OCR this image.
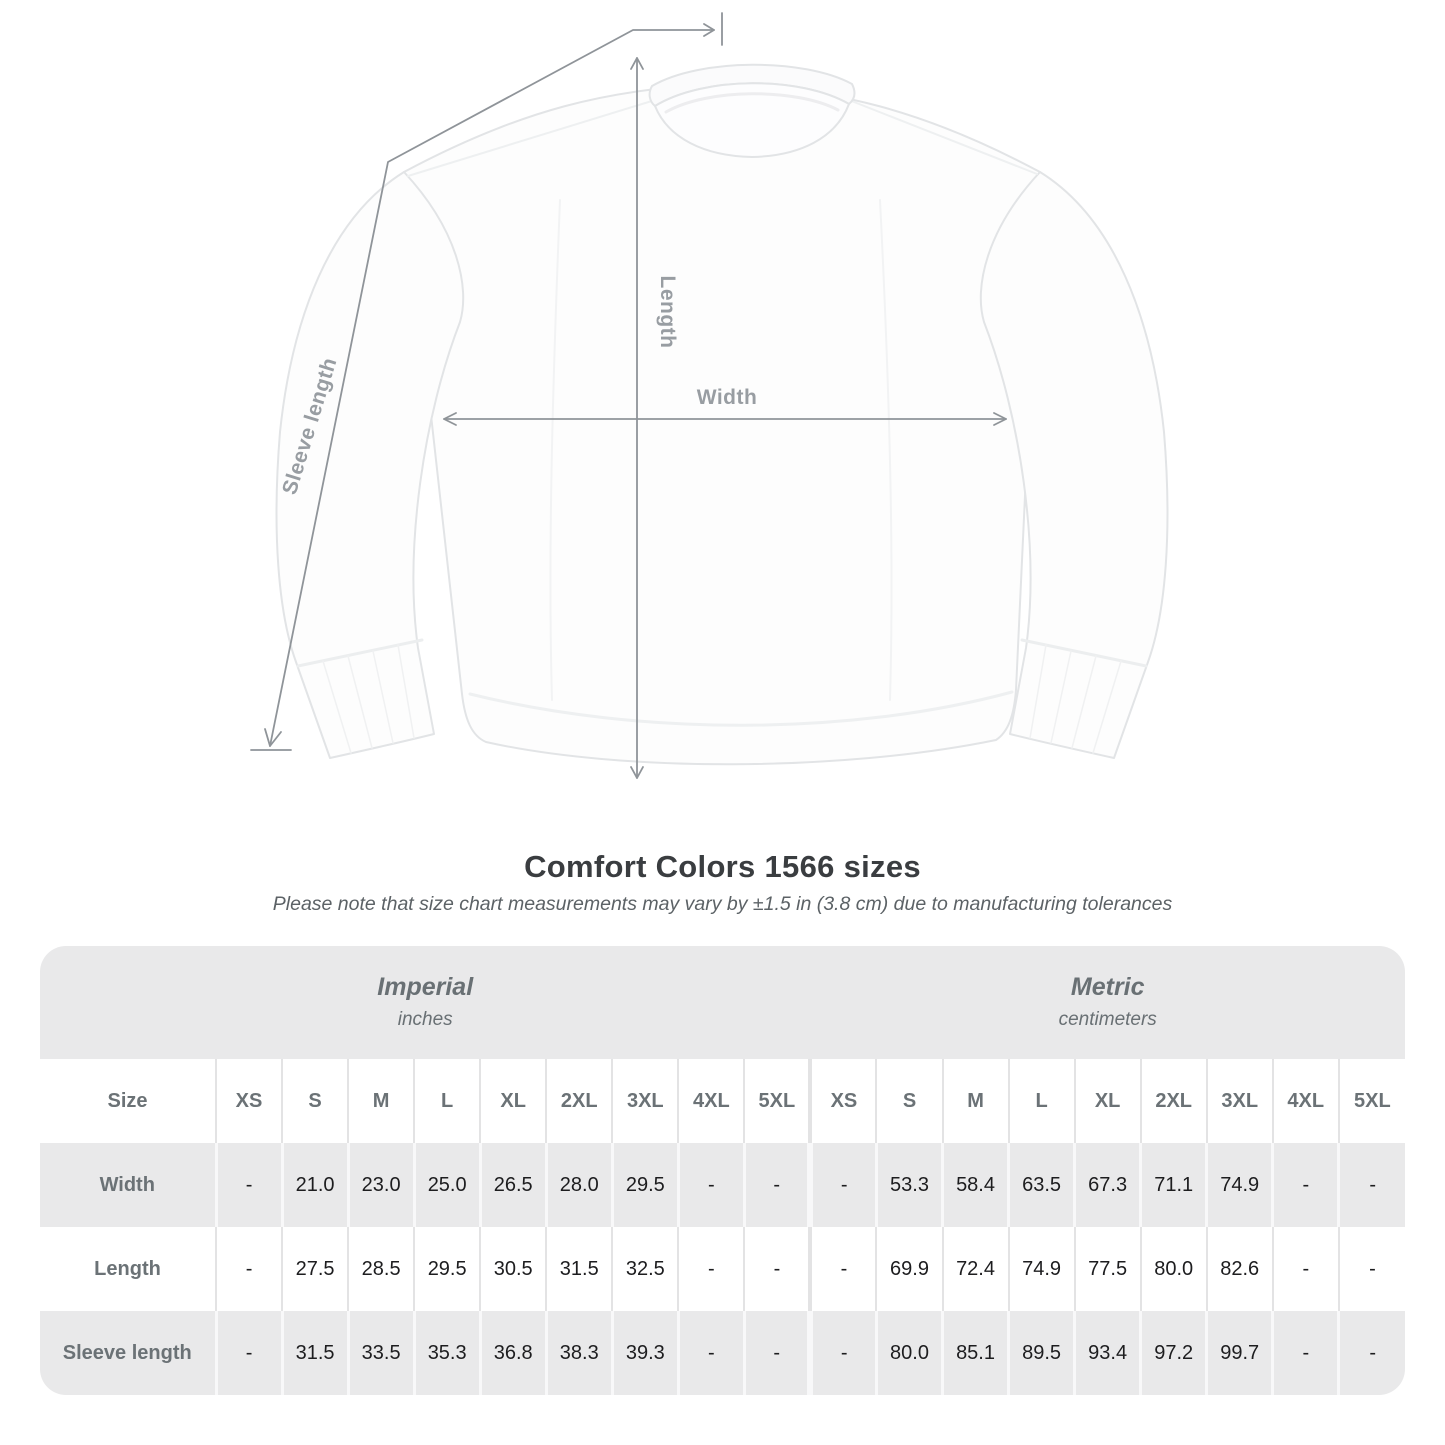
Sleeve length
Length
Width
Comfort Colors 1566 sizes

Please note that size chart measurements may vary by ±1.5 in (3.8 cm) due to manufacturing tolerances

Imperial
inches

Metric
centimeters

Size	XS	S	M	L	XL	2XL	3XL	4XL	5XL	XS	S	M	L	XL	2XL	3XL	4XL	5XL
Width	-	21.0	23.0	25.0	26.5	28.0	29.5	-	-	-	53.3	58.4	63.5	67.3	71.1	74.9	-	-
Length	-	27.5	28.5	29.5	30.5	31.5	32.5	-	-	-	69.9	72.4	74.9	77.5	80.0	82.6	-	-
Sleeve length	-	31.5	33.5	35.3	36.8	38.3	39.3	-	-	-	80.0	85.1	89.5	93.4	97.2	99.7	-	-
